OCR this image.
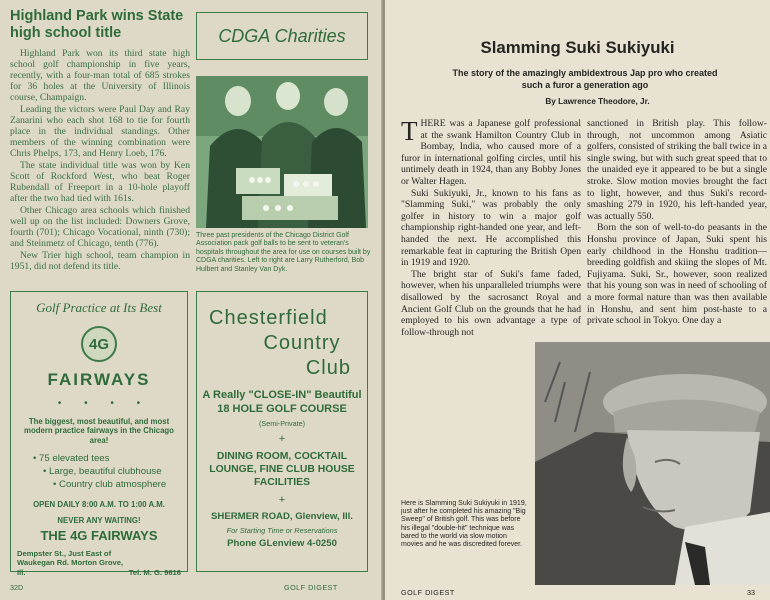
Highland Park wins State high school title

Highland Park won its third state high school golf championship in five years, recently, with a four-man total of 685 strokes for 36 holes at the University of Illinois course, Champaign.

Leading the victors were Paul Day and Ray Zanarini who each shot 168 to tie for fourth place in the individual standings. Other members of the winning combination were Chris Phelps, 173, and Henry Loeb, 176.

The state individual title was won by Ken Scott of Rockford West, who beat Roger Rubendall of Freeport in a 10-hole playoff after the two had tied with 161s.

Other Chicago area schools which finished well up on the list included: Downers Grove, fourth (701); Chicago Vocational, ninth (730); and Steinmetz of Chicago, tenth (776).

New Trier high school, team champion in 1951, did not defend its title.

CDGA Charities
Three past presidents of the Chicago District Golf Association pack golf balls to be sent to veteran's hospitals throughout the area for use on courses built by CDGA charities. Left to right are Larry Rutherford, Bob Hulbert and Stanley Van Dyk.
Golf Practice at Its Best
4G
FAIRWAYS
• • • •
The biggest, most beautiful, and most modern practice fairways in the Chicago area!
• 75 elevated tees
• Large, beautiful clubhouse
• Country club atmosphere
OPEN DAILY 8:00 A.M. TO 1:00 A.M.
NEVER ANY WAITING!
THE 4G FAIRWAYS
Dempster St., Just East of Waukegan Rd. Morton Grove, Ill.	Tel. M. G. 9616
Chesterfield
Country
Club
A Really "CLOSE-IN" Beautiful 18 HOLE GOLF COURSE
(Semi-Private)
+
DINING ROOM, COCKTAIL LOUNGE, FINE CLUB HOUSE FACILITIES
+
SHERMER ROAD, Glenview, Ill.
For Starting Time or Reservations
Phone GLenview 4-0250
32D	GOLF DIGEST
Slamming Suki Sukiyuki
The story of the amazingly ambidextrous Jap pro who created such a furor a generation ago
By Lawrence Theodore, Jr.

THERE was a Japanese golf professional at the swank Hamilton Country Club in Bombay, India, who caused more of a furor in international golfing circles, until his untimely death in 1924, than any Bobby Jones or Walter Hagen.

Suki Sukiyuki, Jr., known to his fans as "Slamming Suki," was probably the only golfer in history to win a major golf championship right-handed one year, and left-handed the next. He accomplished this remarkable feat in capturing the British Open in 1919 and 1920.

The bright star of Suki's fame faded, however, when his unparalleled triumphs were disallowed by the sacrosanct Royal and Ancient Golf Club on the grounds that he had employed to his own advantage a type of follow-through not

sanctioned in British play. This follow-through, not uncommon among Asiatic golfers, consisted of striking the ball twice in a single swing, but with such great speed that to the unaided eye it appeared to be but a single stroke. Slow motion movies brought the fact to light, however, and thus Suki's record-smashing 279 in 1920, his left-handed year, was actually 550.

Born the son of well-to-do peasants in the Honshu province of Japan, Suki spent his early childhood in the Honshu tradition—breeding goldfish and skiing the slopes of Mt. Fujiyama. Suki, Sr., however, soon realized that his young son was in need of schooling of a more formal nature than was then available in Honshu, and sent him post-haste to a private school in Tokyo. One day a

Here is Slamming Suki Sukiyuki in 1919, just after he completed his amazing "Big Sweep" of British golf. This was before his illegal "double-hit" technique was bared to the world via slow motion movies and he was discredited forever.
GOLF DIGEST	33
